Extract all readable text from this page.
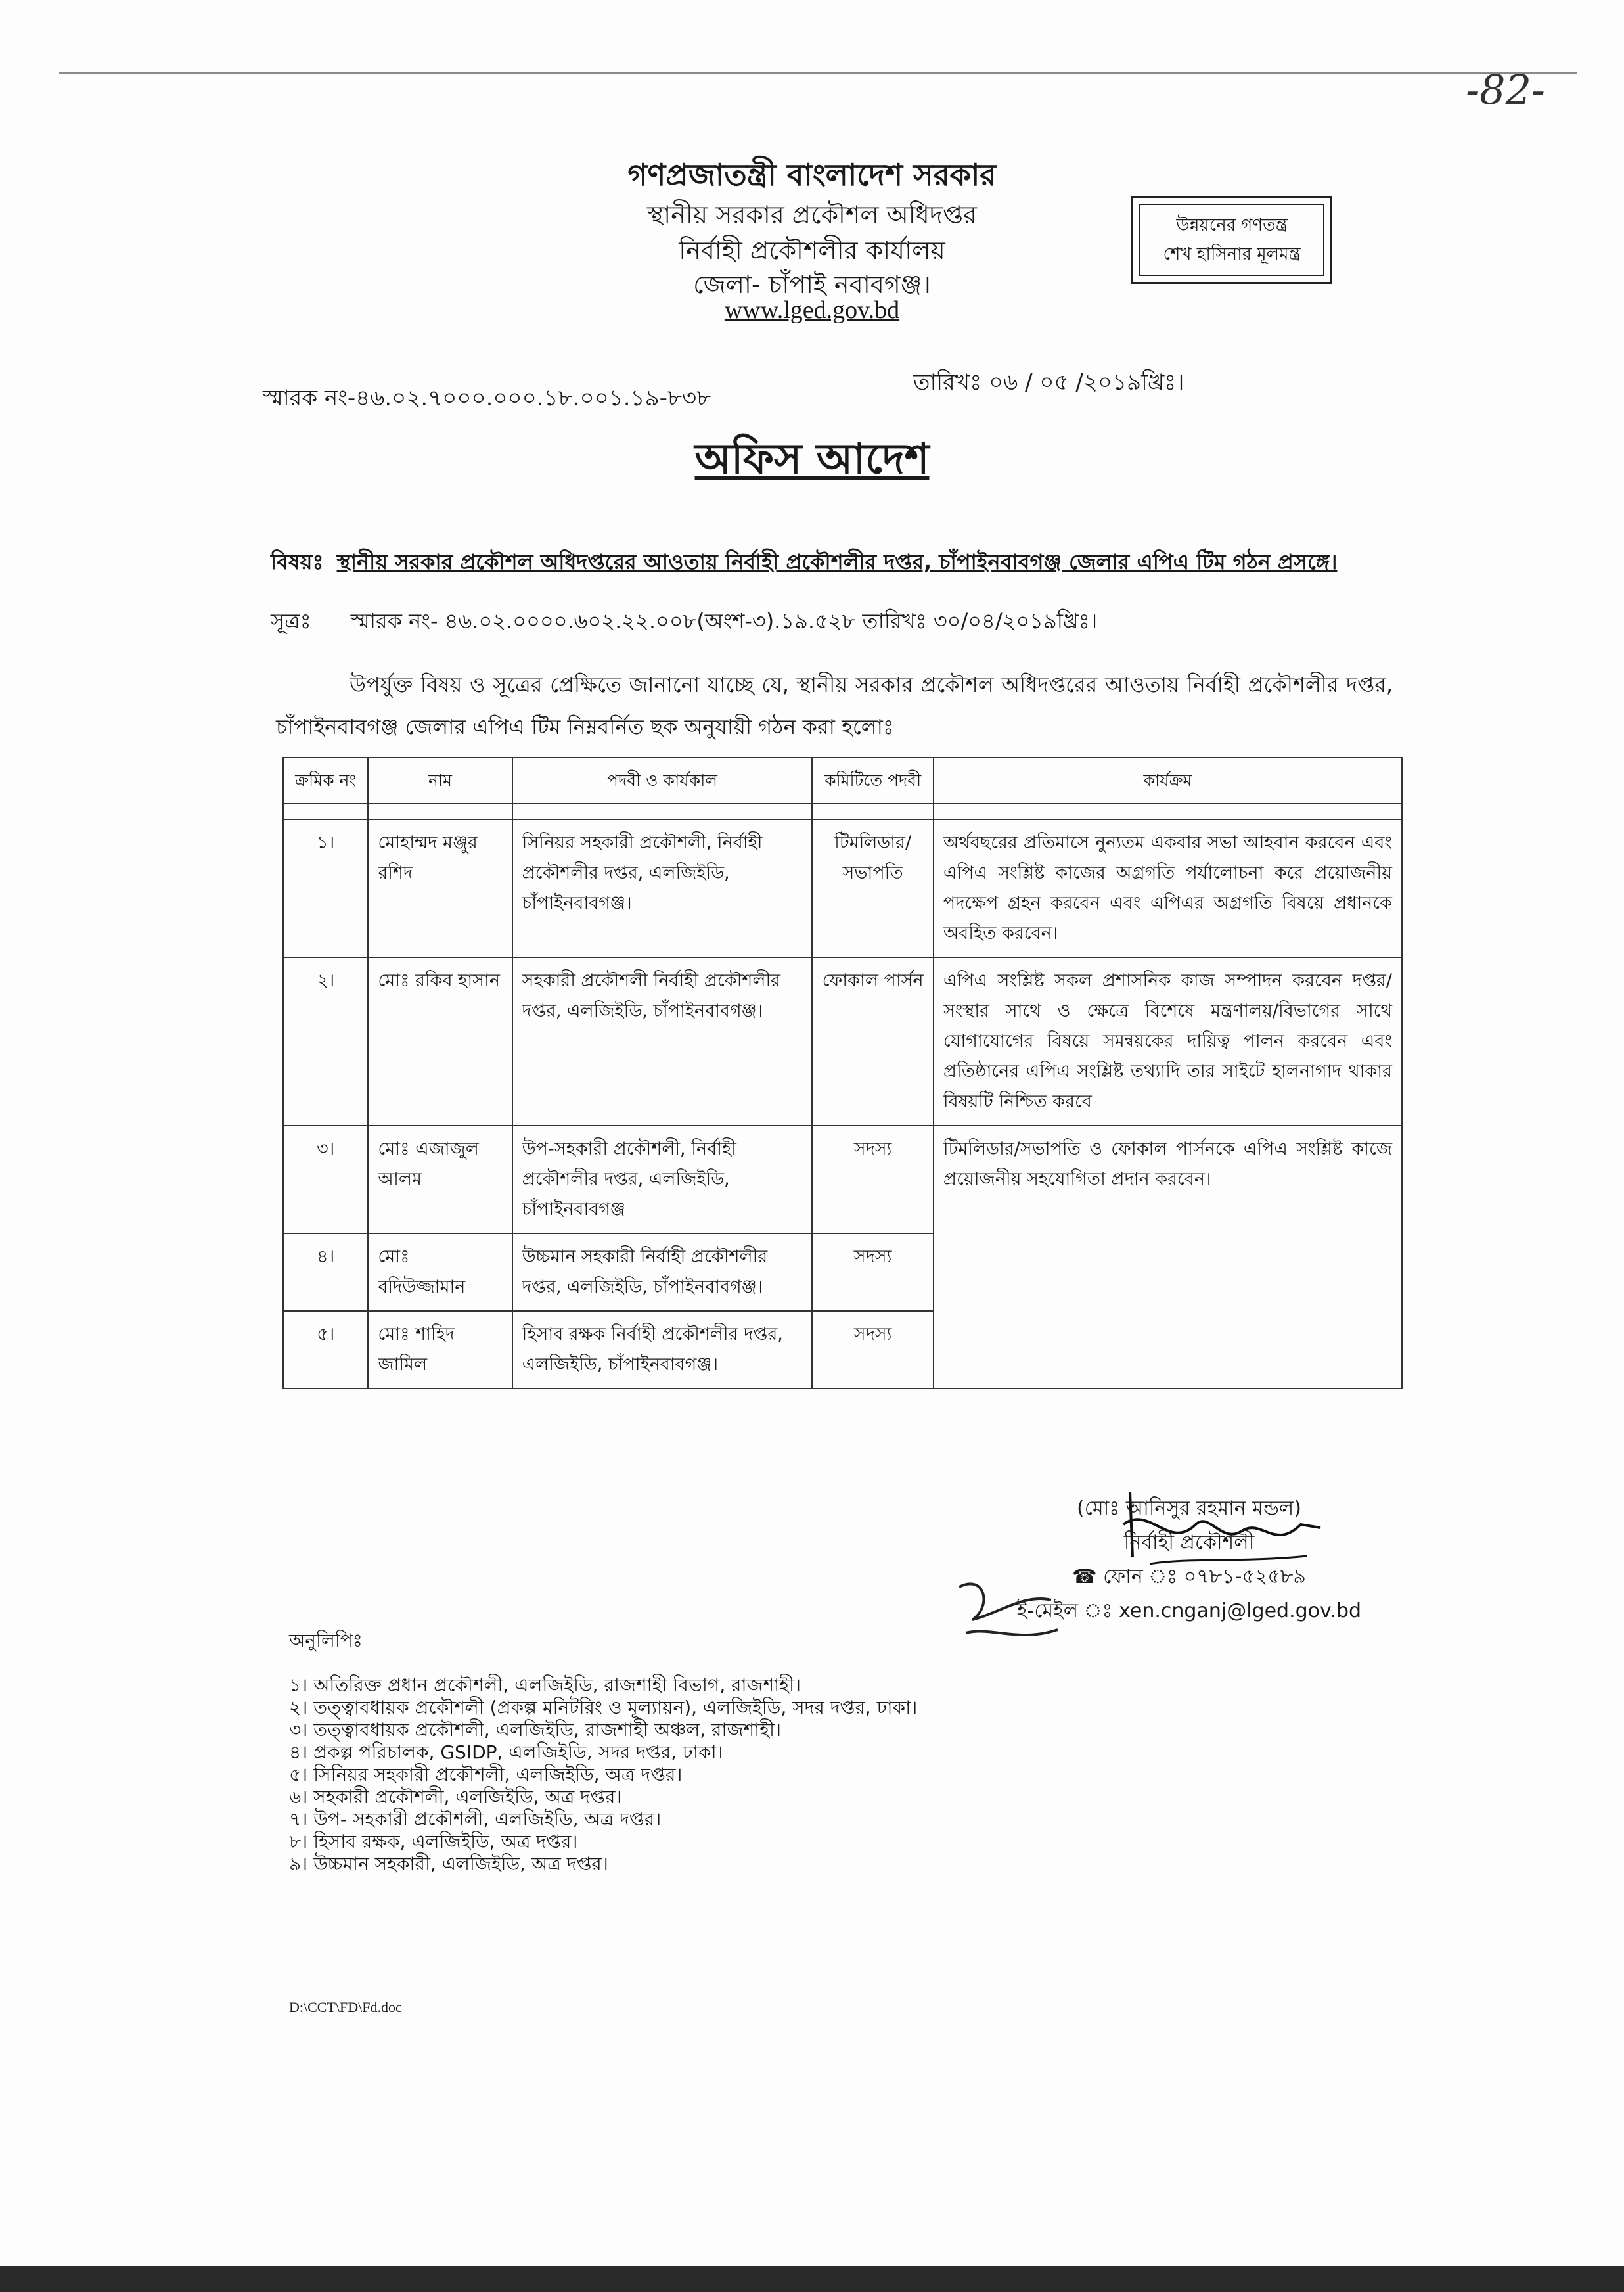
-82-
গণপ্রজাতন্ত্রী বাংলাদেশ সরকার
স্থানীয় সরকার প্রকৌশল অধিদপ্তর
নির্বাহী প্রকৌশলীর কার্যালয়
জেলা- চাঁপাই নবাবগঞ্জ।
www.lged.gov.bd
উন্নয়নের গণতন্ত্র
শেখ হাসিনার মূলমন্ত্র
স্মারক নং-৪৬.০২.৭০০০.০০০.১৮.০০১.১৯-৮৩৮
তারিখঃ ০৬ / ০৫ /২০১৯খ্রিঃ।
অফিস আদেশ
বিষয়ঃ স্থানীয় সরকার প্রকৌশল অধিদপ্তরের আওতায় নির্বাহী প্রকৌশলীর দপ্তর, চাঁপাইনবাবগঞ্জ জেলার এপিএ টিম গঠন প্রসঙ্গে।
সূত্রঃ স্মারক নং- ৪৬.০২.০০০০.৬০২.২২.০০৮(অংশ-৩).১৯.৫২৮ তারিখঃ ৩০/০৪/২০১৯খ্রিঃ।
উপর্যুক্ত বিষয় ও সূত্রের প্রেক্ষিতে জানানো যাচ্ছে যে, স্থানীয় সরকার প্রকৌশল অধিদপ্তরের আওতায় নির্বাহী প্রকৌশলীর দপ্তর, চাঁপাইনবাবগঞ্জ জেলার এপিএ টিম নিম্নবর্নিত ছক অনুযায়ী গঠন করা হলোঃ
ক্রমিক নং	নাম	পদবী ও কার্যকাল	কমিটিতে পদবী	কার্যক্রম

১।	মোহাম্মদ মঞ্জুর রশিদ	সিনিয়র সহকারী প্রকৌশলী, নির্বাহী প্রকৌশলীর দপ্তর, এলজিইডি, চাঁপাইনবাবগঞ্জ।	টিমলিডার/ সভাপতি	অর্থবছরের প্রতিমাসে নুন্যতম একবার সভা আহবান করবেন এবং এপিএ সংশ্লিষ্ট কাজের অগ্রগতি পর্যালোচনা করে প্রয়োজনীয় পদক্ষেপ গ্রহন করবেন এবং এপিএর অগ্রগতি বিষয়ে প্রধানকে অবহিত করবেন।
২।	মোঃ রকিব হাসান	সহকারী প্রকৌশলী নির্বাহী প্রকৌশলীর দপ্তর, এলজিইডি, চাঁপাইনবাবগঞ্জ।	ফোকাল পার্সন	এপিএ সংশ্লিষ্ট সকল প্রশাসনিক কাজ সম্পাদন করবেন দপ্তর/সংস্থার সাথে ও ক্ষেত্রে বিশেষে মন্ত্রণালয়/বিভাগের সাথে যোগাযোগের বিষয়ে সমন্বয়কের দায়িত্ব পালন করবেন এবং প্রতিষ্ঠানের এপিএ সংশ্লিষ্ট তথ্যাদি তার সাইটে হালনাগাদ থাকার বিষয়টি নিশ্চিত করবে
৩।	মোঃ এজাজুল আলম	উপ-সহকারী প্রকৌশলী, নির্বাহী প্রকৌশলীর দপ্তর, এলজিইডি, চাঁপাইনবাবগঞ্জ	সদস্য	টিমলিডার/সভাপতি ও ফোকাল পার্সনকে এপিএ সংশ্লিষ্ট কাজে প্রয়োজনীয় সহযোগিতা প্রদান করবেন।
৪।	মোঃ বদিউজ্জামান	উচ্চমান সহকারী নির্বাহী প্রকৌশলীর দপ্তর, এলজিইডি, চাঁপাইনবাবগঞ্জ।	সদস্য	
৫।	মোঃ শাহিদ জামিল	হিসাব রক্ষক নির্বাহী প্রকৌশলীর দপ্তর, এলজিইডি, চাঁপাইনবাবগঞ্জ।	সদস্য	
(মোঃ আনিসুর রহমান মন্ডল)
নির্বাহী প্রকৌশলী
☎ ফোন ঃ ০৭৮১-৫২৫৮৯
ই-মেইল ঃ xen.cnganj@lged.gov.bd
অনুলিপিঃ
১। অতিরিক্ত প্রধান প্রকৌশলী, এলজিইডি, রাজশাহী বিভাগ, রাজশাহী।
২। তত্ত্বাবধায়ক প্রকৌশলী (প্রকল্প মনিটরিং ও মূল্যায়ন), এলজিইডি, সদর দপ্তর, ঢাকা।
৩। তত্ত্বাবধায়ক প্রকৌশলী, এলজিইডি, রাজশাহী অঞ্চল, রাজশাহী।
৪। প্রকল্প পরিচালক, GSIDP, এলজিইডি, সদর দপ্তর, ঢাকা।
৫। সিনিয়র সহকারী প্রকৌশলী, এলজিইডি, অত্র দপ্তর।
৬। সহকারী প্রকৌশলী, এলজিইডি, অত্র দপ্তর।
৭। উপ- সহকারী প্রকৌশলী, এলজিইডি, অত্র দপ্তর।
৮। হিসাব রক্ষক, এলজিইডি, অত্র দপ্তর।
৯। উচ্চমান সহকারী, এলজিইডি, অত্র দপ্তর।
D:\CCT\FD\Fd.doc
